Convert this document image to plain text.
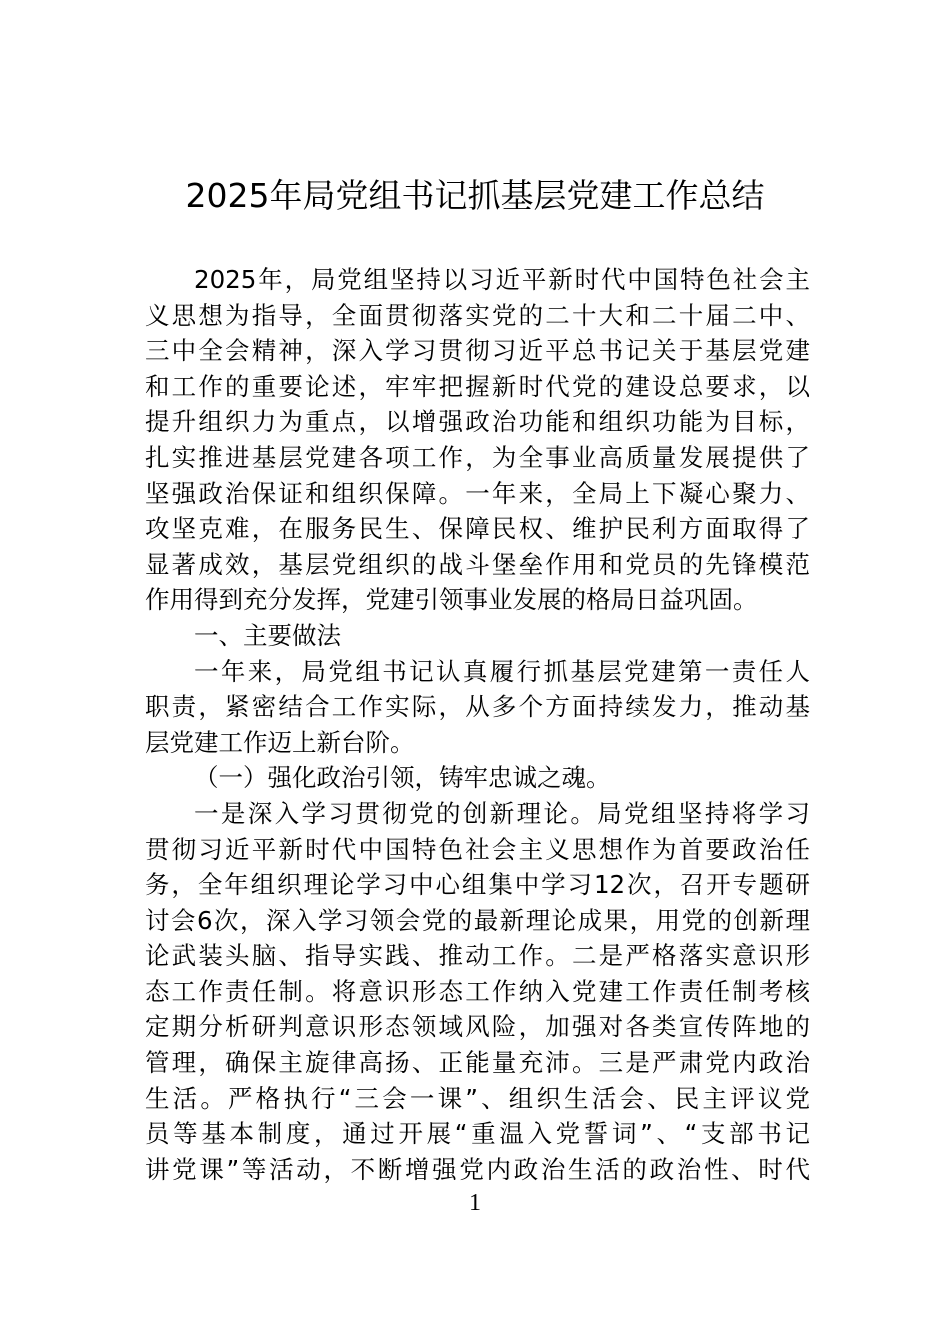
2025年局党组书记抓基层党建工作总结
2025年，局党组坚持以习近平新时代中国特色社会主
义思想为指导，全面贯彻落实党的二十大和二十届二中、
三中全会精神，深入学习贯彻习近平总书记关于基层党建
和工作的重要论述，牢牢把握新时代党的建设总要求，以
提升组织力为重点，以增强政治功能和组织功能为目标，
扎实推进基层党建各项工作，为全事业高质量发展提供了
坚强政治保证和组织保障。一年来，全局上下凝心聚力、
攻坚克难，在服务民生、保障民权、维护民利方面取得了
显著成效，基层党组织的战斗堡垒作用和党员的先锋模范
作用得到充分发挥，党建引领事业发展的格局日益巩固。
一、主要做法
一年来，局党组书记认真履行抓基层党建第一责任人
职责，紧密结合工作实际，从多个方面持续发力，推动基
层党建工作迈上新台阶。
（一）强化政治引领，铸牢忠诚之魂。
一是深入学习贯彻党的创新理论。局党组坚持将学习
贯彻习近平新时代中国特色社会主义思想作为首要政治任
务，全年组织理论学习中心组集中学习12次，召开专题研
讨会6次，深入学习领会党的最新理论成果，用党的创新理
论武装头脑、指导实践、推动工作。二是严格落实意识形
态工作责任制。将意识形态工作纳入党建工作责任制考核
定期分析研判意识形态领域风险，加强对各类宣传阵地的
管理，确保主旋律高扬、正能量充沛。三是严肃党内政治
生活。严格执行“三会一课”、组织生活会、民主评议党
员等基本制度，通过开展“重温入党誓词”、“支部书记
讲党课”等活动，不断增强党内政治生活的政治性、时代
1
